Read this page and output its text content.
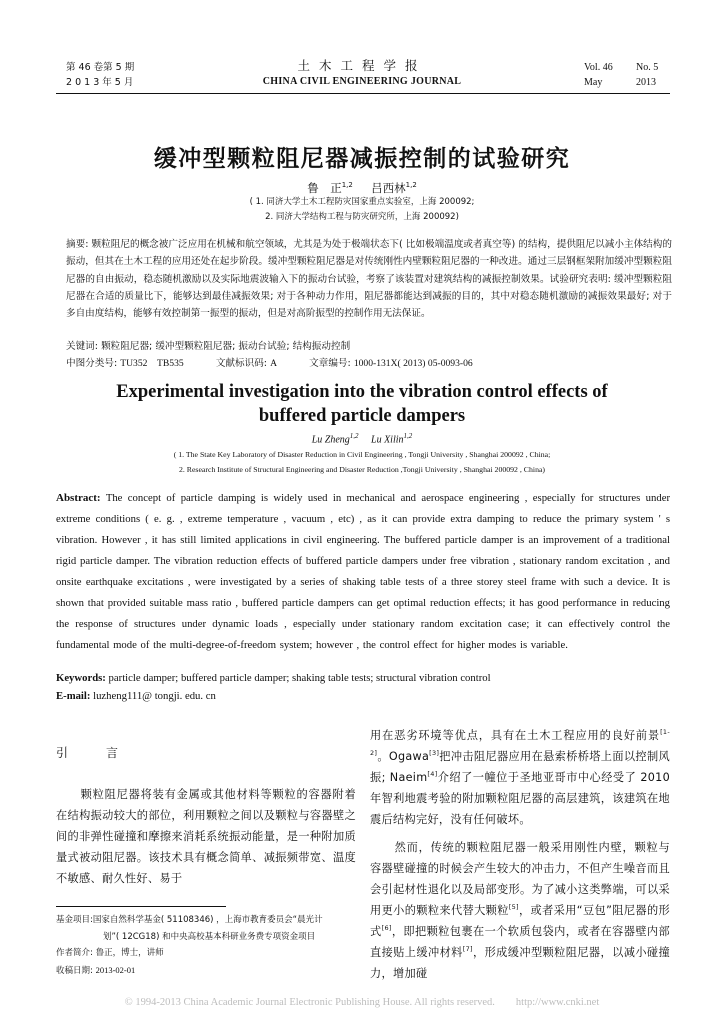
第 46 卷第 5 期
2 0 1 3 年 5 月
土木工程学报
CHINA CIVIL ENGINEERING JOURNAL
Vol. 46	No. 5
May	2013
缓冲型颗粒阻尼器减振控制的试验研究
鲁　正$^{1,2}$ 吕西林$^{1,2}$
( 1. 同济大学土木工程防灾国家重点实验室，上海 200092;
2. 同济大学结构工程与防灾研究所，上海 200092)
摘要: 颗粒阻尼的概念被广泛应用在机械和航空领域，尤其是为处于极端状态下( 比如极端温度或者真空等) 的结构，提供阻尼以减小主体结构的振动，但其在土木工程的应用还处在起步阶段。缓冲型颗粒阻尼器是对传统刚性内壁颗粒阻尼器的一种改进。通过三层钢框架附加缓冲型颗粒阻尼器的自由振动，稳态随机激励以及实际地震波输入下的振动台试验，考察了该装置对建筑结构的减振控制效果。试验研究表明: 缓冲型颗粒阻尼器在合适的质量比下，能够达到最佳减振效果; 对于各种动力作用，阻尼器都能达到减振的目的，其中对稳态随机激励的减振效果最好; 对于多自由度结构，能够有效控制第一振型的振动，但是对高阶振型的控制作用无法保证。
关键词: 颗粒阻尼器; 缓冲型颗粒阻尼器; 振动台试验; 结构振动控制
中图分类号: TU352　TB535	文献标识码: A	文章编号: 1000-131X( 2013) 05-0093-06
Experimental investigation into the vibration control effects of
buffered particle dampers
Lu Zheng$^{1,2}$ Lu Xilin$^{1,2}$
( 1. The State Key Laboratory of Disaster Reduction in Civil Engineering , Tongji University , Shanghai 200092 , China;
2. Research Institute of Structural Engineering and Disaster Reduction ,Tongji University , Shanghai 200092 , China)
Abstract: The concept of particle damping is widely used in mechanical and aerospace engineering , especially for structures under extreme conditions ( e. g. , extreme temperature , vacuum , etc) , as it can provide extra damping to reduce the primary system ' s vibration. However , it has still limited applications in civil engineering. The buffered particle damper is an improvement of a traditional rigid particle damper. The vibration reduction effects of buffered particle dampers under free vibration , stationary random excitation , and onsite earthquake excitations , were investigated by a series of shaking table tests of a three storey steel frame with such a device. It is shown that provided suitable mass ratio , buffered particle dampers can get optimal reduction effects; it has good performance in reducing the response of structures under dynamic loads , especially under stationary random excitation case; it can effectively control the fundamental mode of the multi-degree-of-freedom system; however , the control effect for higher modes is variable.
Keywords: particle damper; buffered particle damper; shaking table tests; structural vibration control
E-mail: luzheng111@ tongji. edu. cn
引	言
颗粒阻尼器将装有金属或其他材料等颗粒的容器附着在结构振动较大的部位，利用颗粒之间以及颗粒与容器壁之间的非弹性碰撞和摩擦来消耗系统振动能量，是一种附加质量式被动阻尼器。该技术具有概念简单、减振频带宽、温度不敏感、耐久性好、易于
基金项目:国家自然科学基金( 51108346) ，上海市教育委员会“晨光计
划”( 12CG18) 和中央高校基本科研业务费专项资金项目
作者简介: 鲁正，博士，讲师
收稿日期: 2013-02-01
用在恶劣环境等优点，具有在土木工程应用的良好前景[1-2]。Ogawa[3]把冲击阻尼器应用在悬索桥桥塔上面以控制风振; Naeim[4]介绍了一幢位于圣地亚哥市中心经受了 2010 年智利地震考验的附加颗粒阻尼器的高层建筑，该建筑在地震后结构完好，没有任何破坏。
然而，传统的颗粒阻尼器一般采用刚性内壁，颗粒与容器壁碰撞的时候会产生较大的冲击力，不但产生噪音而且会引起材性退化以及局部变形。为了减小这类弊端，可以采用更小的颗粒来代替大颗粒[5]，或者采用“豆包”阻尼器的形式[6]，即把颗粒包裹在一个软质包袋内，或者在容器壁内部直接贴上缓冲材料[7]，形成缓冲型颗粒阻尼器，以减小碰撞力，增加碰
© 1994-2013 China Academic Journal Electronic Publishing House. All rights reserved.　　http://www.cnki.net
